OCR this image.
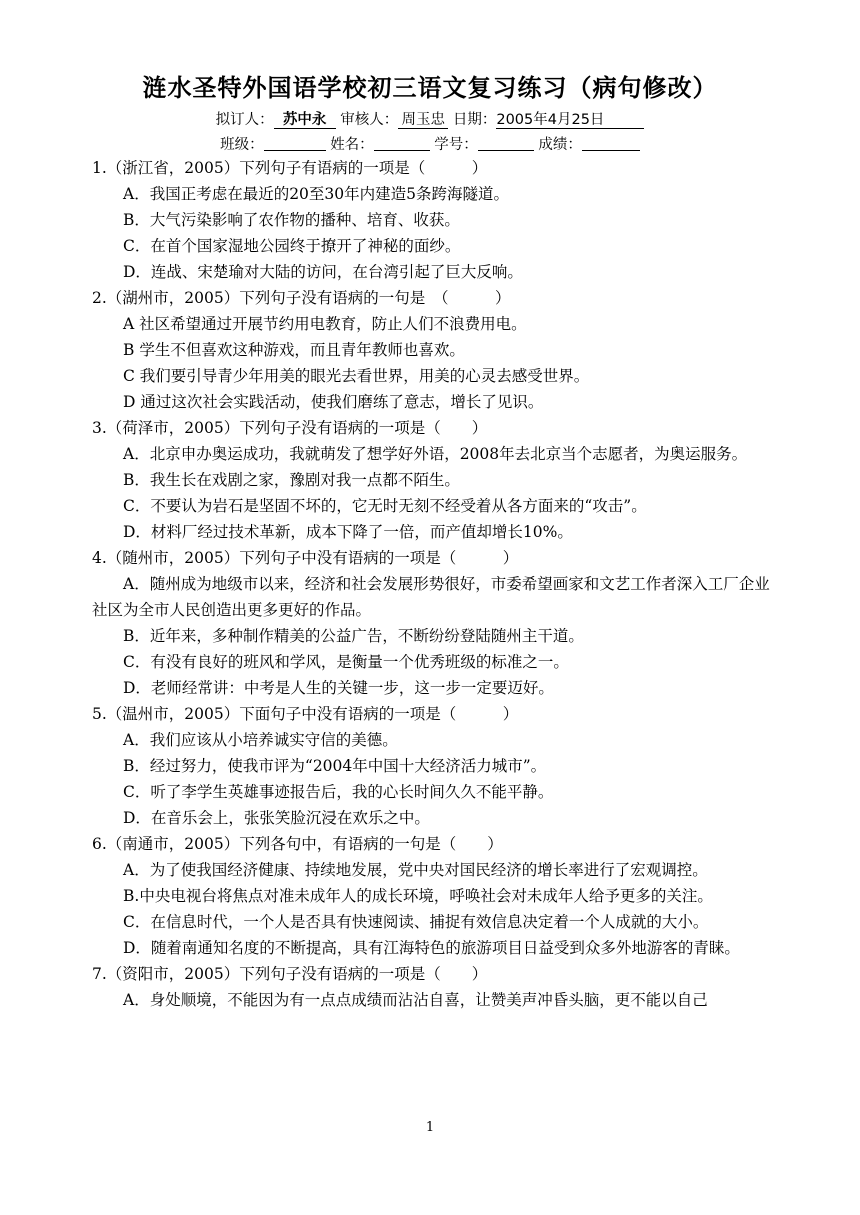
涟水圣特外国语学校初三语文复习练习（病句修改）
拟订人： 苏中永 审核人： 周玉忠 日期：2005年4月25日
班级：	姓名：	学号：	成绩：

1.（浙江省，2005）下列句子有语病的一项是（　　　）

A．我国正考虑在最近的20至30年内建造5条跨海隧道。

B．大气污染影响了农作物的播种、培育、收获。

C．在首个国家湿地公园终于撩开了神秘的面纱。

D．连战、宋楚瑜对大陆的访问，在台湾引起了巨大反响。

2.（湖州市，2005）下列句子没有语病的一句是　（　　　）

A 社区希望通过开展节约用电教育，防止人们不浪费用电。

B 学生不但喜欢这种游戏，而且青年教师也喜欢。

C 我们要引导青少年用美的眼光去看世界，用美的心灵去感受世界。

D 通过这次社会实践活动，使我们磨练了意志，增长了见识。

3.（荷泽市，2005）下列句子没有语病的一项是（　　）

A．北京申办奥运成功，我就萌发了想学好外语，2008年去北京当个志愿者，为奥运服务。

B．我生长在戏剧之家，豫剧对我一点都不陌生。

C．不要认为岩石是坚固不坏的，它无时无刻不经受着从各方面来的“攻击”。

D．材料厂经过技术革新，成本下降了一倍，而产值却增长10%。

4.（随州市，2005）下列句子中没有语病的一项是（　　　）

A．随州成为地级市以来，经济和社会发展形势很好，市委希望画家和文艺工作者深入工厂企业社区为全市人民创造出更多更好的作品。

B．近年来，多种制作精美的公益广告，不断纷纷登陆随州主干道。

C．有没有良好的班风和学风，是衡量一个优秀班级的标准之一。

D．老师经常讲：中考是人生的关键一步，这一步一定要迈好。

5.（温州市，2005）下面句子中没有语病的一项是（　　　）

A．我们应该从小培养诚实守信的美德。

B．经过努力，使我市评为“2004年中国十大经济活力城市”。

C．听了李学生英雄事迹报告后，我的心长时间久久不能平静。

D．在音乐会上，张张笑脸沉浸在欢乐之中。

6.（南通市，2005）下列各句中，有语病的一句是（　　）

A．为了使我国经济健康、持续地发展，党中央对国民经济的增长率进行了宏观调控。

B.中央电视台将焦点对准未成年人的成长环境，呼唤社会对未成年人给予更多的关注。

C．在信息时代，一个人是否具有快速阅读、捕捉有效信息决定着一个人成就的大小。

D．随着南通知名度的不断提高，具有江海特色的旅游项目日益受到众多外地游客的青睐。

7.（资阳市，2005）下列句子没有语病的一项是（　　）

A．身处顺境，不能因为有一点点成绩而沾沾自喜，让赞美声冲昏头脑，更不能以自己

1
